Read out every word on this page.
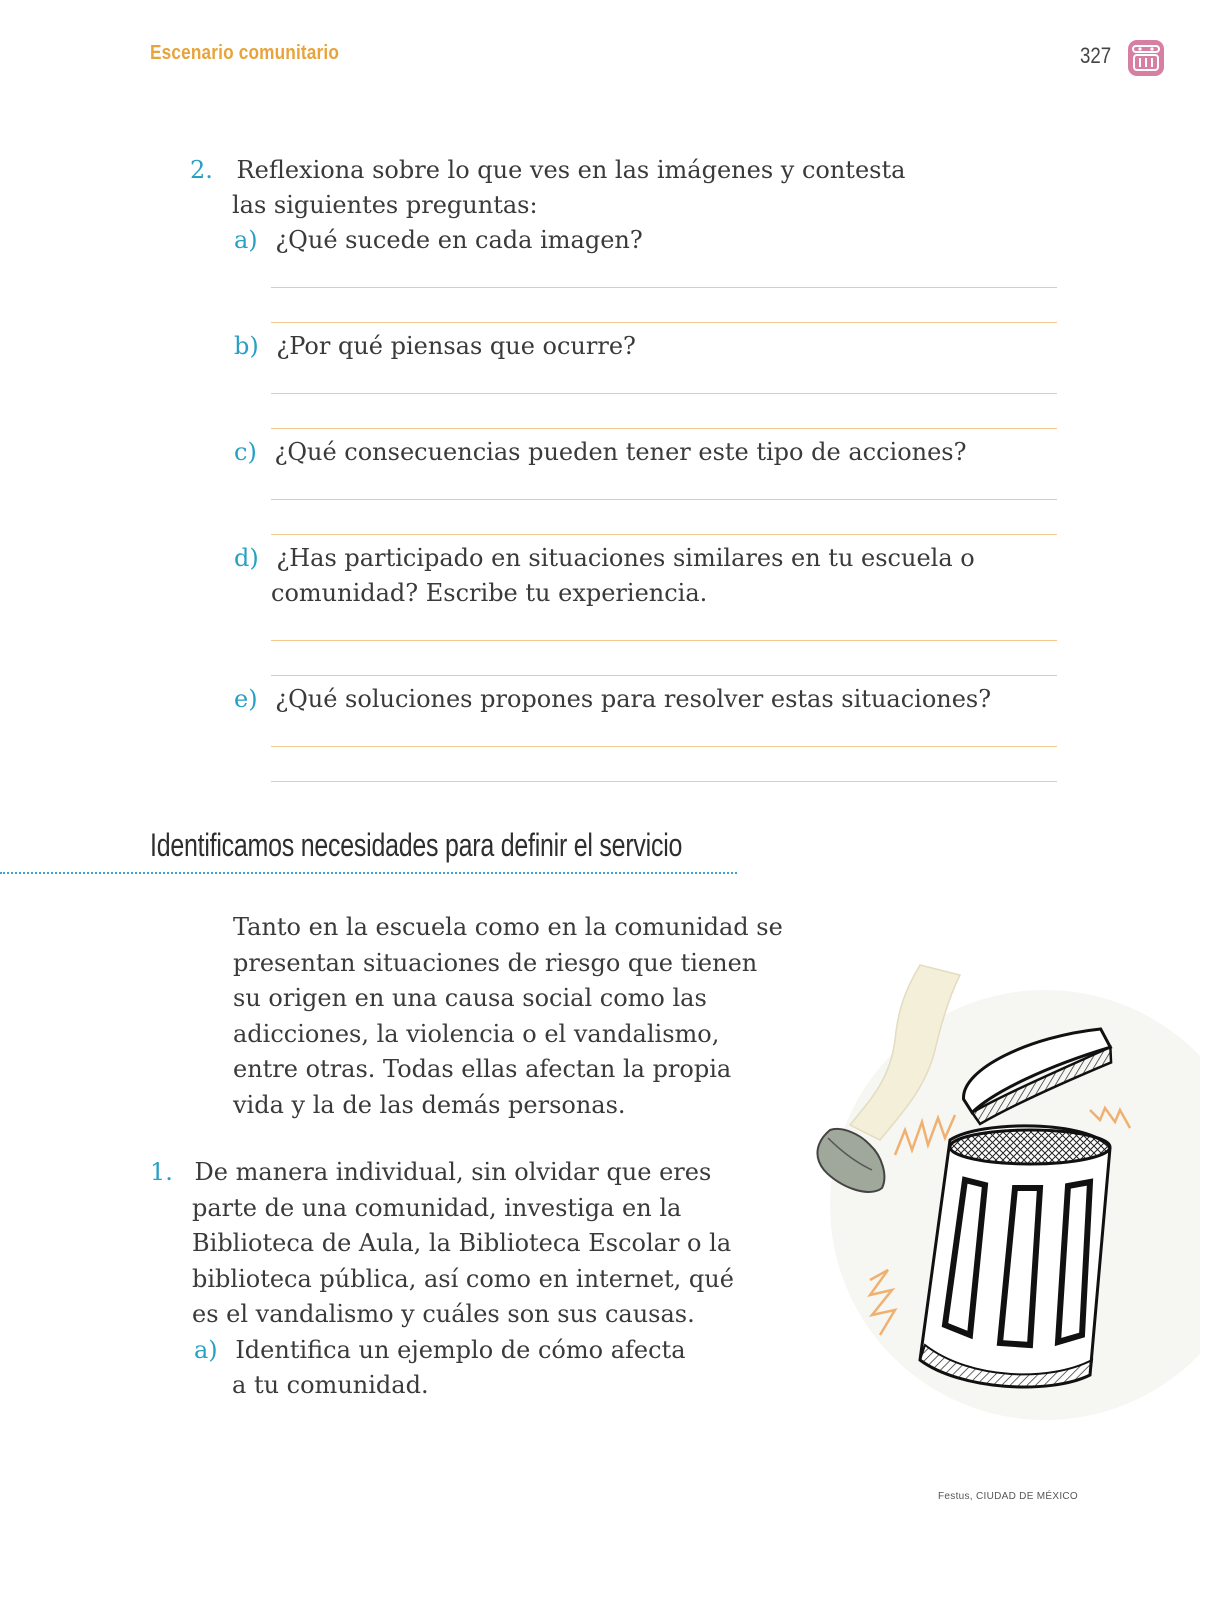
Escenario comunitario	327
2. Reflexiona sobre lo que ves en las imágenes y contesta
las siguientes preguntas:
a) ¿Qué sucede en cada imagen?
b) ¿Por qué piensas que ocurre?
c) ¿Qué consecuencias pueden tener este tipo de acciones?
d) ¿Has participado en situaciones similares en tu escuela o
comunidad? Escribe tu experiencia.
e) ¿Qué soluciones propones para resolver estas situaciones?
Identificamos necesidades para definir el servicio
Tanto en la escuela como en la comunidad se
presentan situaciones de riesgo que tienen
su origen en una causa social como las
adicciones, la violencia o el vandalismo,
entre otras. Todas ellas afectan la propia
vida y la de las demás personas.
1. De manera individual, sin olvidar que eres
parte de una comunidad, investiga en la
Biblioteca de Aula, la Biblioteca Escolar o la
biblioteca pública, así como en internet, qué
es el vandalismo y cuáles son sus causas.
a) Identifica un ejemplo de cómo afecta
a tu comunidad.
Festus, CIUDAD DE MÉXICO
